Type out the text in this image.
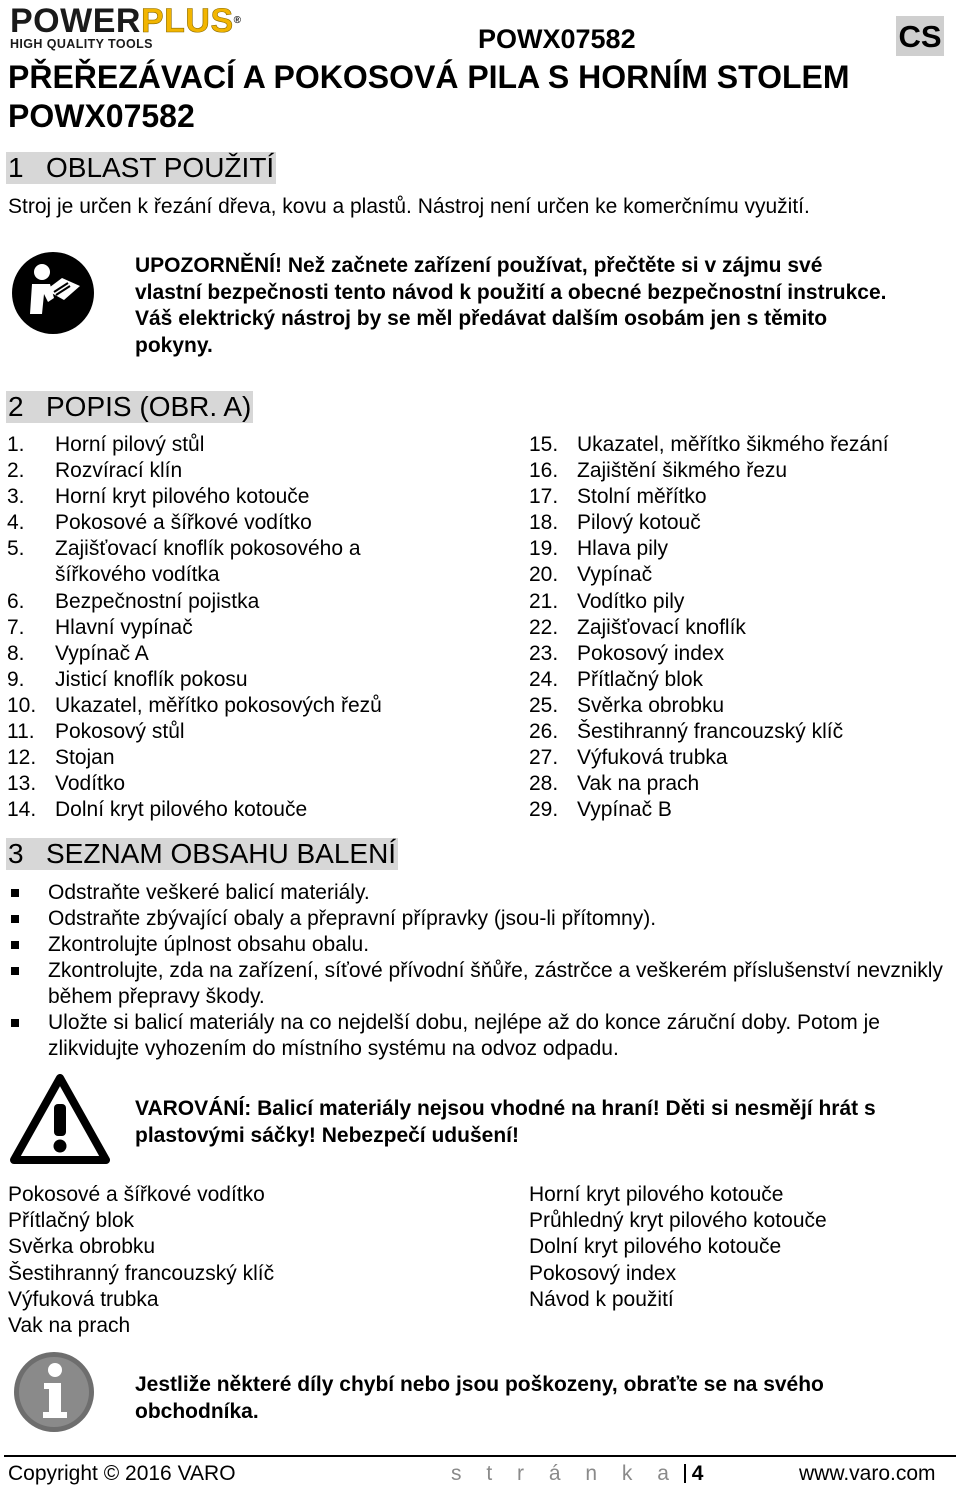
POWERPLUS®
HIGH QUALITY TOOLS	POWX07582	CS
PŘEŘEZÁVACÍ A POKOSOVÁ PILA S HORNÍM STOLEM
POWX07582
1 OBLAST POUŽITÍ
Stroj je určen k řezání dřeva, kovu a plastů. Nástroj není určen ke komerčnímu využití.
UPOZORNĚNÍ! Než začnete zařízení používat, přečtěte si v zájmu své
vlastní bezpečnosti tento návod k použití a obecné bezpečnostní instrukce.
Váš elektrický nástroj by se měl předávat dalším osobám jen s těmito
pokyny.
2 POPIS (OBR. A)
1. Horní pilový stůl
2. Rozvírací klín
3. Horní kryt pilového kotouče
4. Pokosové a šířkové vodítko
5. Zajišťovací knoflík pokosového a
šířkového vodítka
6. Bezpečnostní pojistka
7. Hlavní vypínač
8. Vypínač A
9. Jisticí knoflík pokosu
10. Ukazatel, měřítko pokosových řezů
11. Pokosový stůl
12. Stojan
13. Vodítko
14. Dolní kryt pilového kotouče
15. Ukazatel, měřítko šikmého řezání
16. Zajištění šikmého řezu
17. Stolní měřítko
18. Pilový kotouč
19. Hlava pily
20. Vypínač
21. Vodítko pily
22. Zajišťovací knoflík
23. Pokosový index
24. Přítlačný blok
25. Svěrka obrobku
26. Šestihranný francouzský klíč
27. Výfuková trubka
28. Vak na prach
29. Vypínač B
3 SEZNAM OBSAHU BALENÍ
Odstraňte veškeré balicí materiály.
Odstraňte zbývající obaly a přepravní přípravky (jsou-li přítomny).
Zkontrolujte úplnost obsahu obalu.
Zkontrolujte, zda na zařízení, síťové přívodní šňůře, zástrčce a veškerém příslušenství nevznikly během přepravy škody.
Uložte si balicí materiály na co nejdelší dobu, nejlépe až do konce záruční doby. Potom je zlikvidujte vyhozením do místního systému na odvoz odpadu.
VAROVÁNÍ: Balicí materiály nejsou vhodné na hraní! Děti si nesmějí hrát s
plastovými sáčky! Nebezpečí udušení!
Pokosové a šířkové vodítko
Přítlačný blok
Svěrka obrobku
Šestihranný francouzský klíč
Výfuková trubka
Vak na prach
Horní kryt pilového kotouče
Průhledný kryt pilového kotouče
Dolní kryt pilového kotouče
Pokosový index
Návod k použití
Jestliže některé díly chybí nebo jsou poškozeny, obraťte se na svého
obchodníka.
Copyright © 2016 VARO	s t r á n k a 4	www.varo.com
